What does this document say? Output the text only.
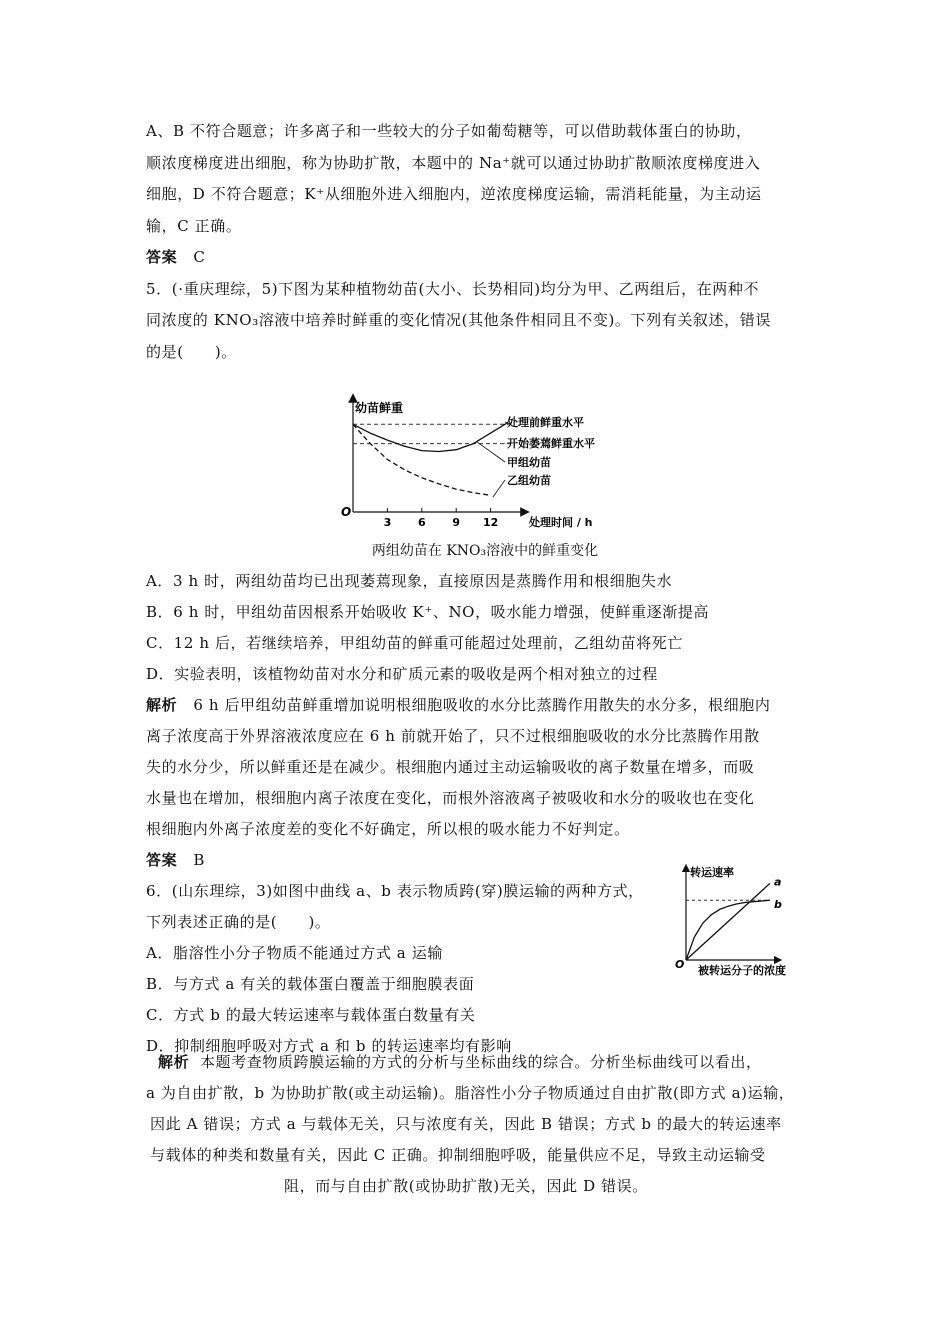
A、B 不符合题意；许多离子和一些较大的分子如葡萄糖等，可以借助载体蛋白的协助，
顺浓度梯度进出细胞，称为协助扩散，本题中的 Na⁺就可以通过协助扩散顺浓度梯度进入
细胞，D 不符合题意；K⁺从细胞外进入细胞内，逆浓度梯度运输，需消耗能量，为主动运
输，C 正确。
答案 C
5．(·重庆理综，5)下图为某种植物幼苗(大小、长势相同)均分为甲、乙两组后，在两种不
同浓度的 KNO₃溶液中培养时鲜重的变化情况(其他条件相同且不变)。下列有关叙述，错误
的是(　　)。
幼苗鲜重
O
处理时间 / h
3 6 9 12
处理前鲜重水平
开始萎蔫鲜重水平
甲组幼苗
乙组幼苗
两组幼苗在 KNO₃溶液中的鲜重变化
A．3 h 时，两组幼苗均已出现萎蔫现象，直接原因是蒸腾作用和根细胞失水
B．6 h 时，甲组幼苗因根系开始吸收 K⁺、NO，吸水能力增强，使鲜重逐渐提高
C．12 h 后，若继续培养，甲组幼苗的鲜重可能超过处理前，乙组幼苗将死亡
D．实验表明，该植物幼苗对水分和矿质元素的吸收是两个相对独立的过程
解析 6 h 后甲组幼苗鲜重增加说明根细胞吸收的水分比蒸腾作用散失的水分多，根细胞内
离子浓度高于外界溶液浓度应在 6 h 前就开始了，只不过根细胞吸收的水分比蒸腾作用散
失的水分少，所以鲜重还是在减少。根细胞内通过主动运输吸收的离子数量在增多，而吸
水量也在增加，根细胞内离子浓度在变化，而根外溶液离子被吸收和水分的吸收也在变化
根细胞内外离子浓度差的变化不好确定，所以根的吸水能力不好判定。
答案 B
6．(山东理综，3)如图中曲线 a、b 表示物质跨(穿)膜运输的两种方式，
下列表述正确的是(　　)。
A．脂溶性小分子物质不能通过方式 a 运输
B．与方式 a 有关的载体蛋白覆盖于细胞膜表面
C．方式 b 的最大转运速率与载体蛋白数量有关
D．抑制细胞呼吸对方式 a 和 b 的转运速率均有影响
转运速率
O 被转运分子的浓度
a
b
解析 本题考查物质跨膜运输的方式的分析与坐标曲线的综合。分析坐标曲线可以看出，
a 为自由扩散，b 为协助扩散(或主动运输)。脂溶性小分子物质通过自由扩散(即方式 a)运输，
因此 A 错误；方式 a 与载体无关，只与浓度有关，因此 B 错误；方式 b 的最大的转运速率
与载体的种类和数量有关，因此 C 正确。抑制细胞呼吸，能量供应不足，导致主动运输受
阻，而与自由扩散(或协助扩散)无关，因此 D 错误。
